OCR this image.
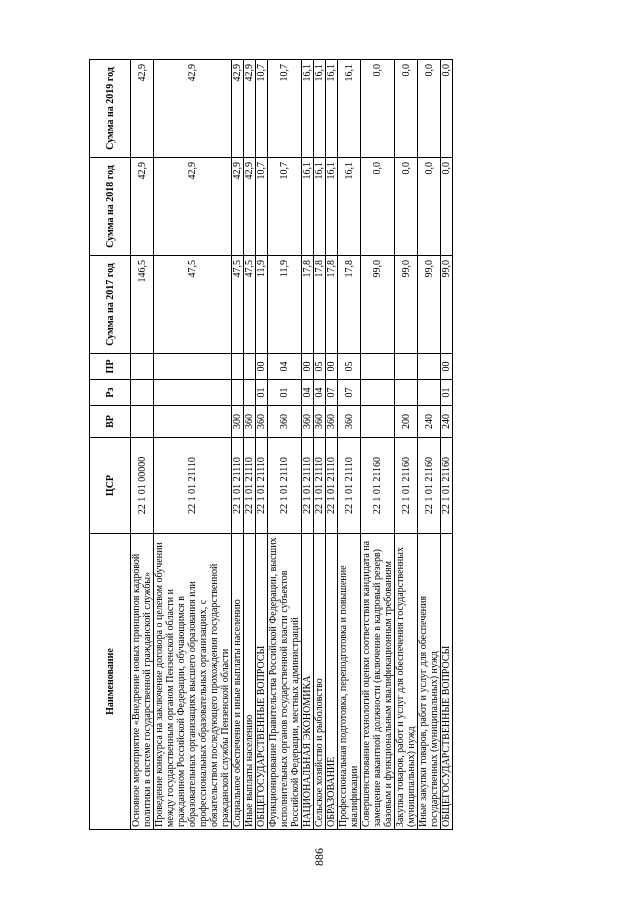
886
Наименование	ЦСР	ВР	Рз	ПР	Сумма на 2017 год	Сумма на 2018 год	Сумма на 2019 год
Основное мероприятие «Внедрение новых принципов кадровой политики в системе государственной гражданской службы»	22 1 01 00000				146,5	42,9	42,9
Проведение конкурса на заключение договора о целевом обучении между государственным органом Пензенской области и гражданином Российской Федерации, обучающимся в образовательных организациях высшего образования или профессиональных образовательных организациях, с обязательством последующего прохождения государственной гражданской службы Пензенской области	22 1 01 21110				47,5	42,9	42,9
Социальное обеспечение и иные выплаты населению	22 1 01 21110	300			47,5	42,9	42,9
Иные выплаты населению	22 1 01 21110	360			47,5	42,9	42,9
ОБЩЕГОСУДАРСТВЕННЫЕ ВОПРОСЫ	22 1 01 21110	360	01	00	11,9	10,7	10,7
Функционирование Правительства Российской Федерации, высших исполнительных органов государственной власти субъектов Российской Федерации, местных администраций	22 1 01 21110	360	01	04	11,9	10,7	10,7
НАЦИОНАЛЬНАЯ ЭКОНОМИКА	22 1 01 21110	360	04	00	17,8	16,1	16,1
Сельское хозяйство и рыболовство	22 1 01 21110	360	04	05	17,8	16,1	16,1
ОБРАЗОВАНИЕ	22 1 01 21110	360	07	00	17,8	16,1	16,1
Профессиональная подготовка, переподготовка и повышение квалификации	22 1 01 21110	360	07	05	17,8	16,1	16,1
Совершенствование технологий оценки соответствия кандидата на замещение вакантной должности (включение в кадровый резерв) базовым и функциональным квалификационным требованиям	22 1 01 21160				99,0	0,0	0,0
Закупка товаров, работ и услуг для обеспечения государственных (муниципальных) нужд	22 1 01 21160	200			99,0	0,0	0,0
Иные закупки товаров, работ и услуг для обеспечения государственных (муниципальных) нужд	22 1 01 21160	240			99,0	0,0	0,0
ОБЩЕГОСУДАРСТВЕННЫЕ ВОПРОСЫ	22 1 01 21160	240	01	00	99,0	0,0	0,0
